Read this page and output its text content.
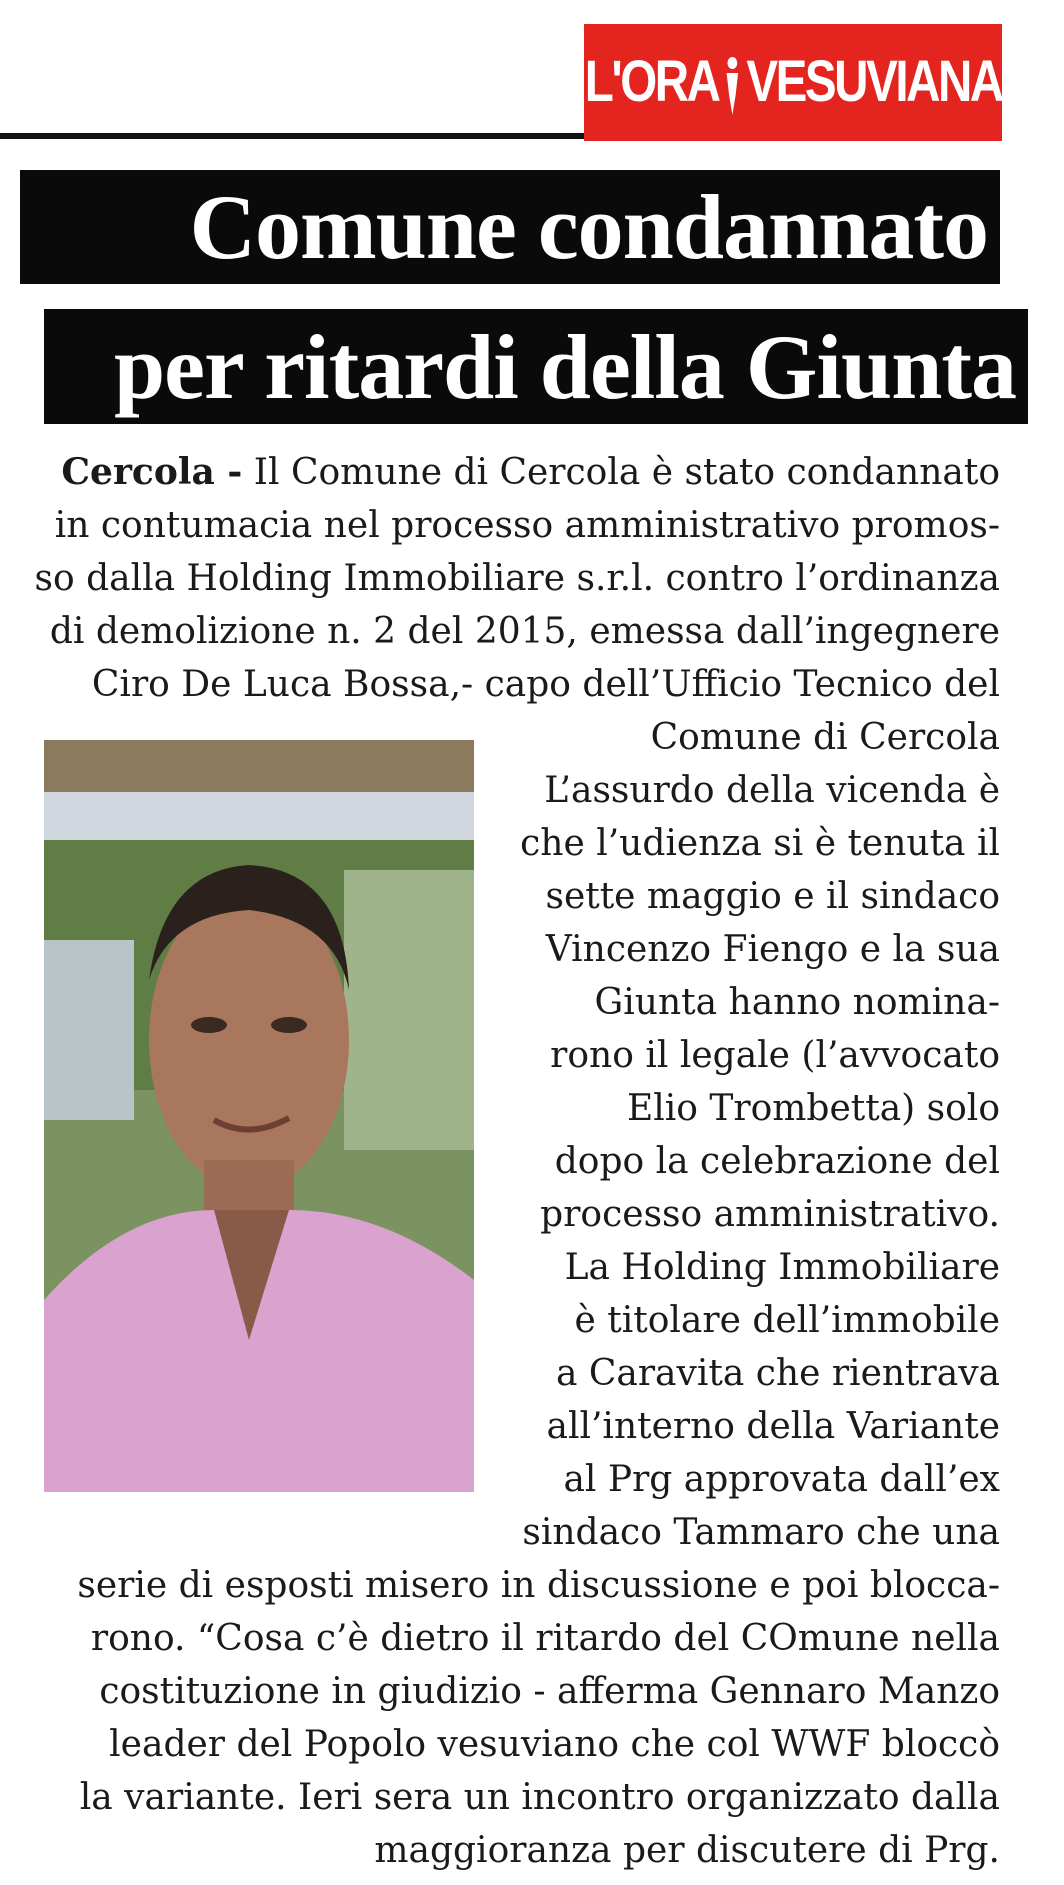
L'ORA VESUVIANA
Comune condannato
per ritardi della Giunta

Cercola - Il Comune di Cercola è stato condannato

in contumacia nel processo amministrativo promos-

so dalla Holding Immobiliare s.r.l. contro l’ordinanza

di demolizione n. 2 del 2015, emessa dall’ingegnere

Ciro De Luca Bossa,- capo dell’Ufficio Tecnico del

Comune di Cercola

L’assurdo della vicenda è

che l’udienza si è tenuta il

sette maggio e il sindaco

Vincenzo Fiengo e la sua

Giunta hanno nomina-

rono il legale (l’avvocato

Elio Trombetta) solo

dopo la celebrazione del

processo amministrativo.

La Holding Immobiliare

è titolare dell’immobile

a Caravita che rientrava

all’interno della Variante

al Prg approvata dall’ex

sindaco Tammaro che una

serie di esposti misero in discussione e poi blocca-

rono. “Cosa c’è dietro il ritardo del COmune nella

costituzione in giudizio - afferma Gennaro Manzo

leader del Popolo vesuviano che col WWF bloccò

la variante. Ieri sera un incontro organizzato dalla

maggioranza per discutere di Prg.
